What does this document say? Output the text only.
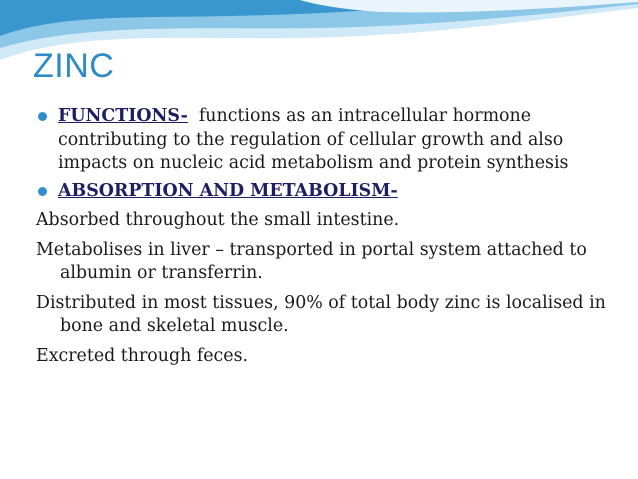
ZINC
FUNCTIONS- functions as an intracellular hormone contributing to the regulation of cellular growth and also impacts on nucleic acid metabolism and protein synthesis
ABSORPTION AND METABOLISM-
Absorbed throughout the small intestine.
Metabolises in liver – transported in portal system attached to albumin or transferrin.
Distributed in most tissues, 90% of total body zinc is localised in bone and skeletal muscle.
Excreted through feces.
